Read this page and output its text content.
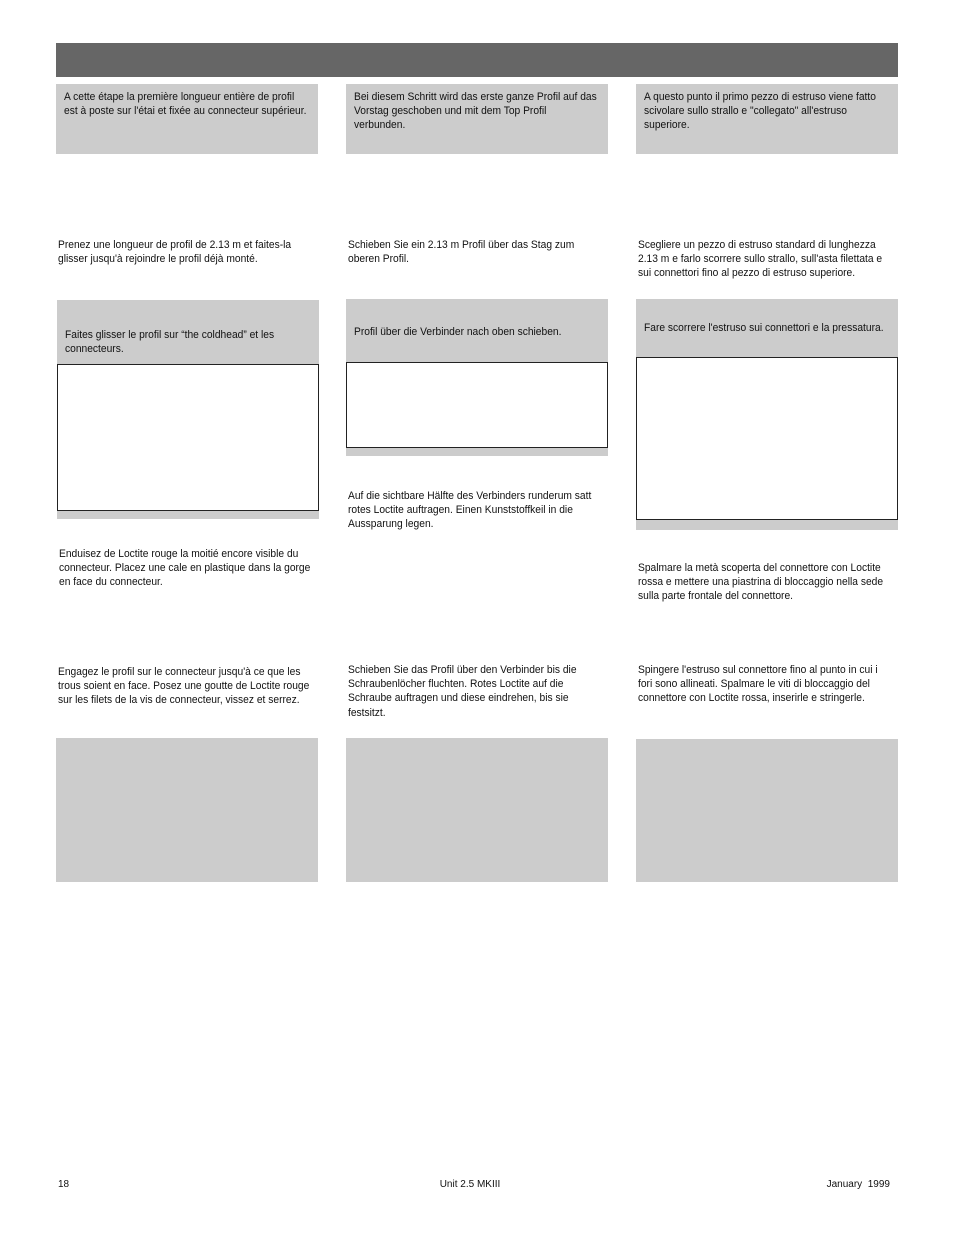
A cette étape la première longueur entière de profil est à poste sur l'étai et fixée au connecteur supérieur.
Prenez une longueur de profil de 2.13 m et faites-la glisser jusqu'à rejoindre le profil déjà monté.
Faites glisser le profil sur “the coldhead” et les connecteurs.
Enduisez de Loctite rouge la moitié encore visible du connecteur. Placez une cale en plastique dans la gorge en face du connecteur.
Engagez le profil sur le connecteur jusqu'à ce que les trous soient en face. Posez une goutte de Loctite rouge sur les filets de la vis de connecteur, vissez et serrez.
Bei diesem Schritt wird das erste ganze Profil auf das Vorstag geschoben und mit dem Top Profil verbunden.
Schieben Sie ein 2.13 m Profil über das Stag zum oberen Profil.
Profil über die Verbinder nach oben schieben.
Auf die sichtbare Hälfte des Verbinders runderum satt rotes Loctite auftragen. Einen Kunststoffkeil in die Aussparung legen.
Schieben Sie das Profil über den Verbinder bis die Schraubenlöcher fluchten. Rotes Loctite auf die Schraube auftragen und diese eindrehen, bis sie festsitzt.
A questo punto il primo pezzo di estruso viene fatto scivolare sullo strallo e "collegato" all'estruso superiore.
Scegliere un pezzo di estruso standard di lunghezza 2.13 m e farlo scorrere sullo strallo, sull'asta filettata e sui connettori fino al pezzo di estruso superiore.
Fare scorrere l'estruso sui connettori e la pressatura.
Spalmare la metà scoperta del connettore con Loctite rossa e mettere una piastrina di bloccaggio nella sede sulla parte frontale del connettore.
Spingere l'estruso sul connettore fino al punto in cui i fori sono allineati. Spalmare le viti di bloccaggio del connettore con Loctite rossa, inserirle e stringerle.
18	Unit 2.5 MKIII	January  1999
